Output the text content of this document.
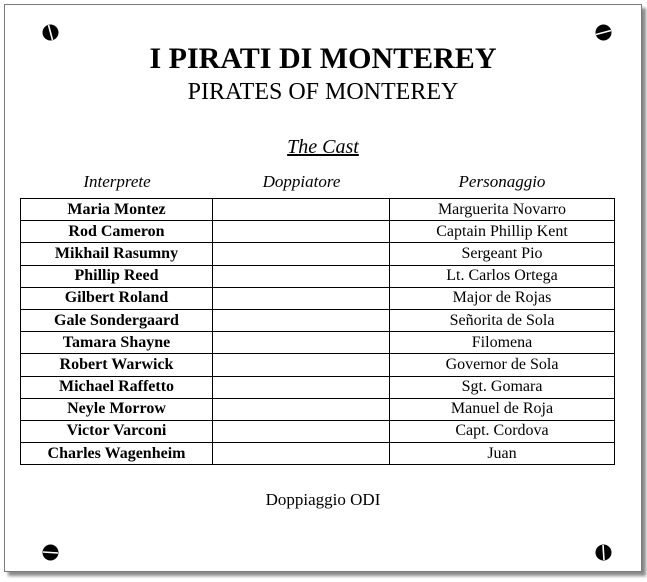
I PIRATI DI MONTEREY
PIRATES OF MONTEREY
The Cast
Interprete	Doppiatore	Personaggio
Maria Montez		Marguerita Novarro
Rod Cameron		Captain Phillip Kent
Mikhail Rasumny		Sergeant Pio
Phillip Reed		Lt. Carlos Ortega
Gilbert Roland		Major de Rojas
Gale Sondergaard		Señorita de Sola
Tamara Shayne		Filomena
Robert Warwick		Governor de Sola
Michael Raffetto		Sgt. Gomara
Neyle Morrow		Manuel de Roja
Victor Varconi		Capt. Cordova
Charles Wagenheim		Juan
Doppiaggio ODI
